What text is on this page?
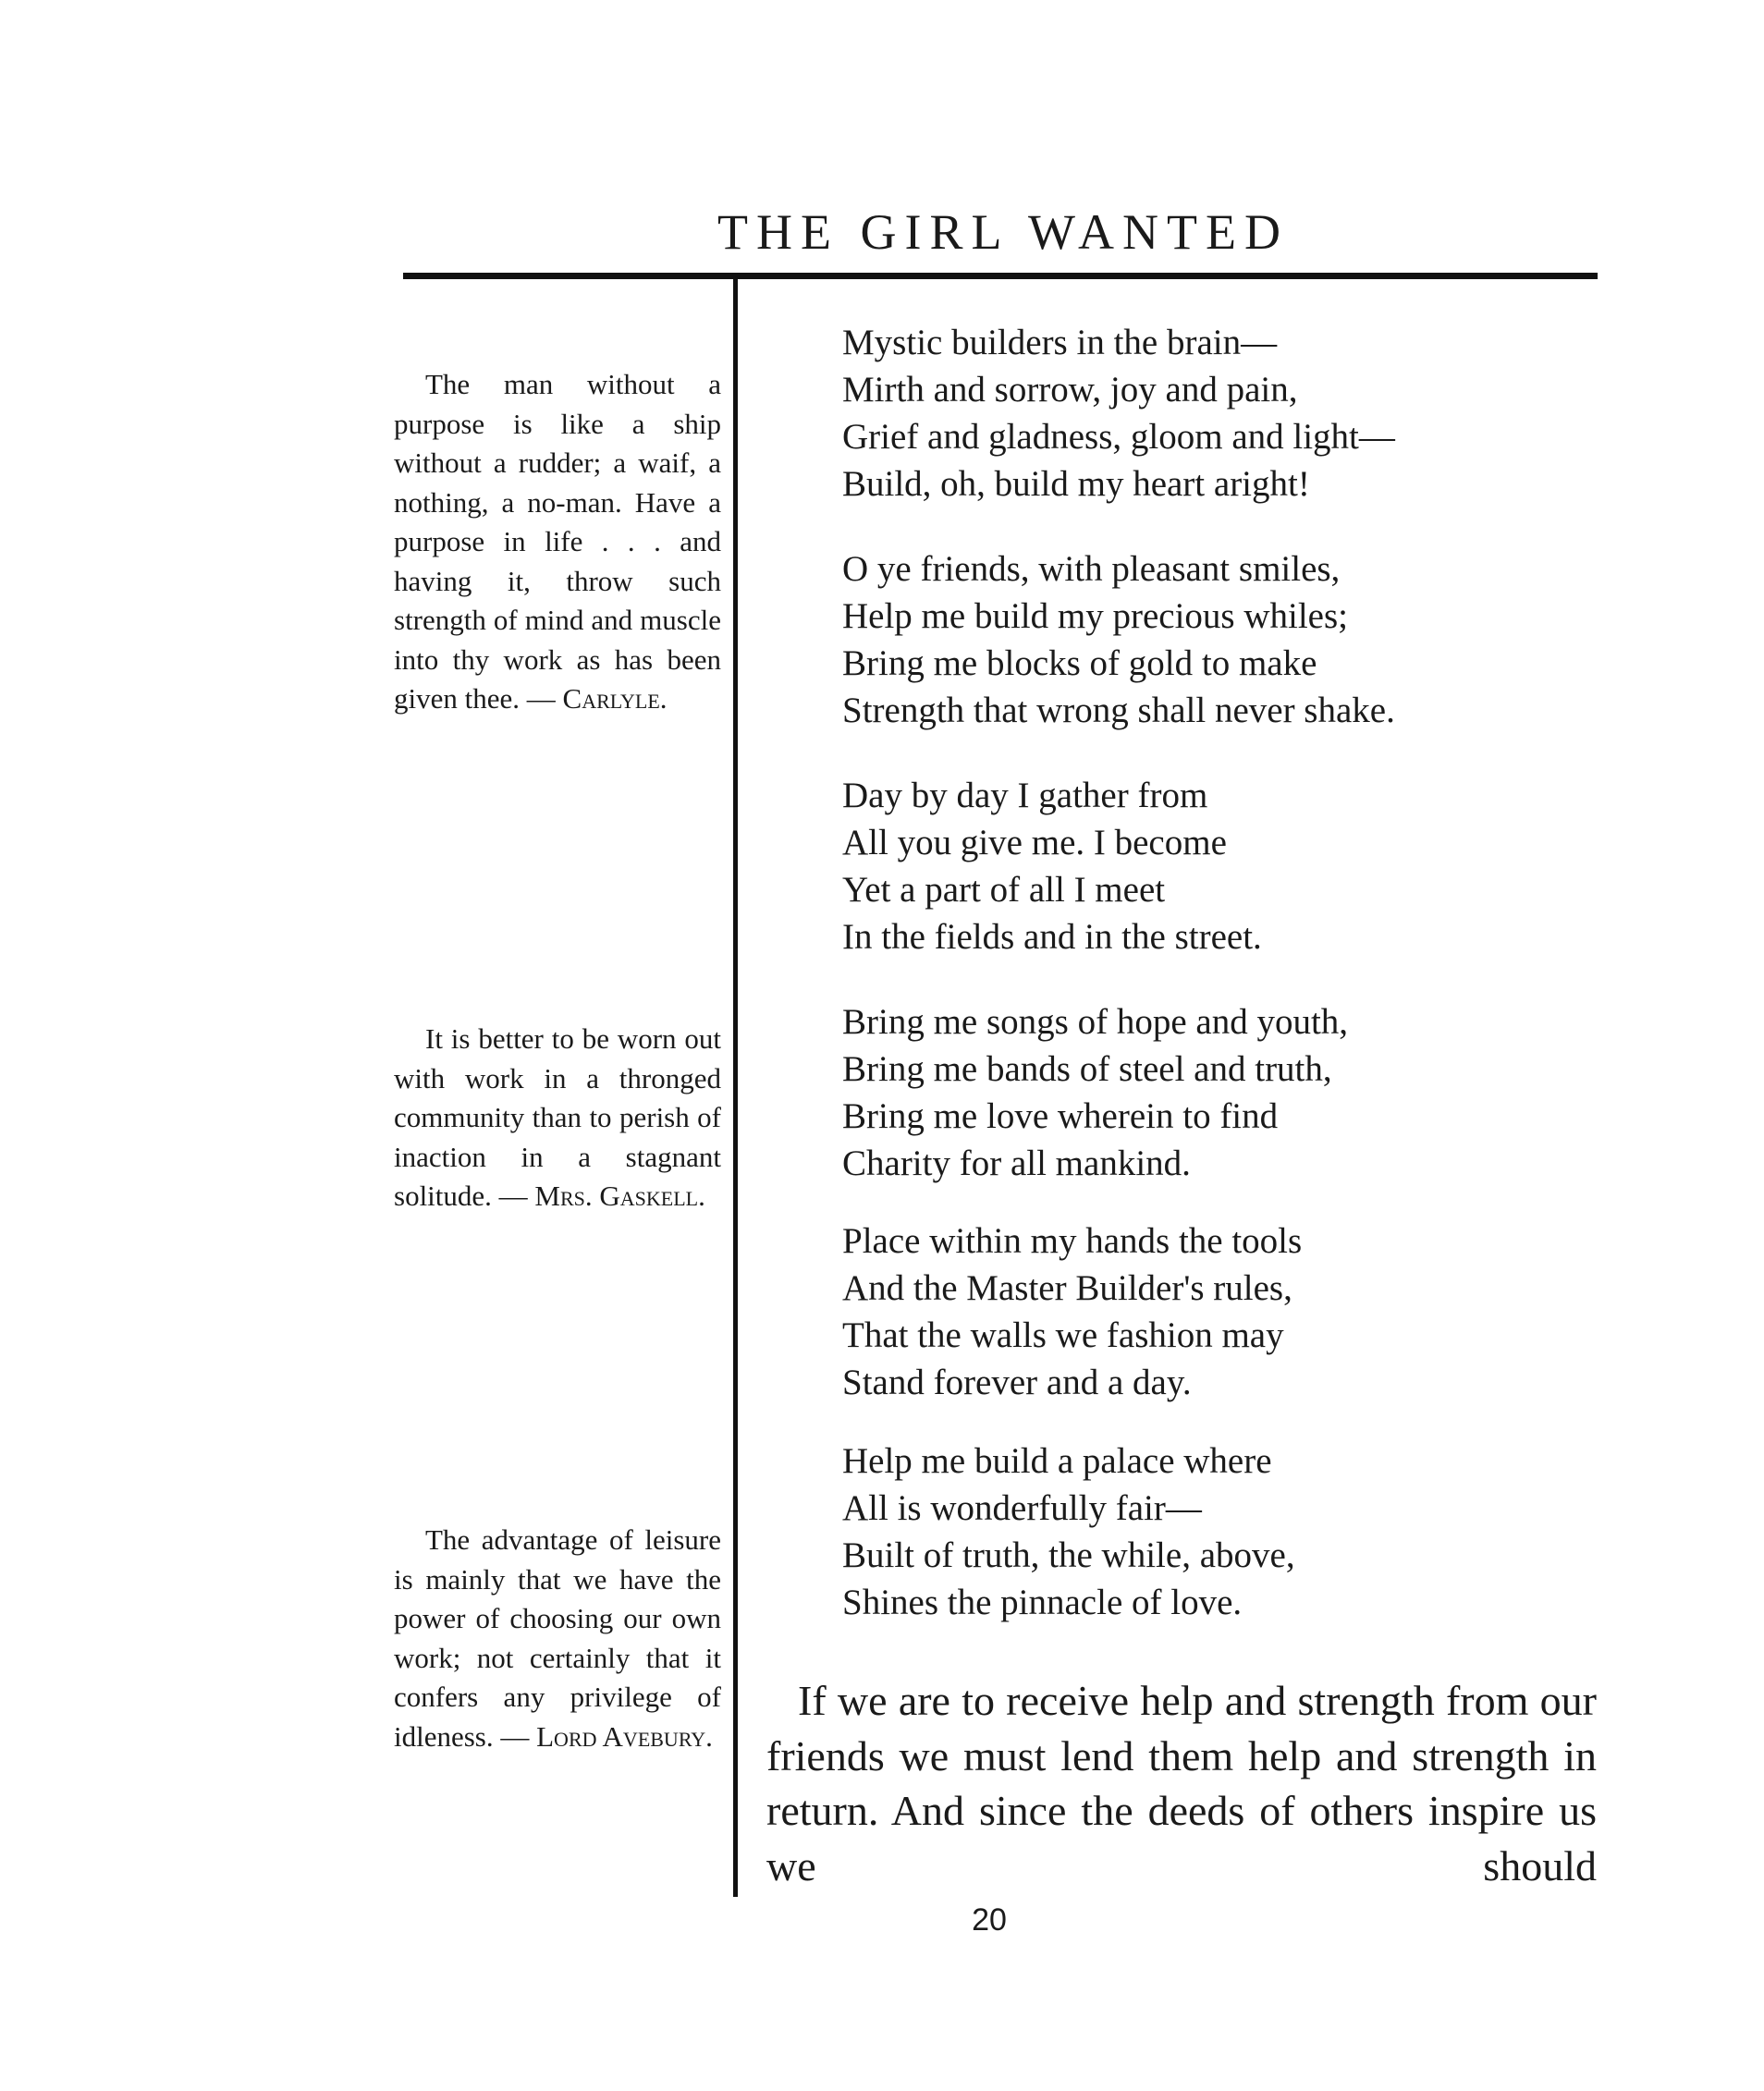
THE GIRL WANTED

The man without a purpose is like a ship without a rudder; a waif, a nothing, a no-man. Have a purpose in life . . . and having it, throw such strength of mind and muscle into thy work as has been given thee. — Carlyle.

It is better to be worn out with work in a thronged community than to perish of inaction in a stagnant solitude. — Mrs. Gaskell.

The advantage of leisure is mainly that we have the power of choosing our own work; not certainly that it confers any privilege of idleness. — Lord Avebury.

Mystic builders in the brain—
Mirth and sorrow, joy and pain,
Grief and gladness, gloom and light—
Build, oh, build my heart aright!
O ye friends, with pleasant smiles,
Help me build my precious whiles;
Bring me blocks of gold to make
Strength that wrong shall never shake.
Day by day I gather from
All you give me. I become
Yet a part of all I meet
In the fields and in the street.
Bring me songs of hope and youth,
Bring me bands of steel and truth,
Bring me love wherein to find
Charity for all mankind.
Place within my hands the tools
And the Master Builder's rules,
That the walls we fashion may
Stand forever and a day.
Help me build a palace where
All is wonderfully fair—
Built of truth, the while, above,
Shines the pinnacle of love.

If we are to receive help and strength from our friends we must lend them help and strength in return. And since the deeds of others inspire us we should

20
